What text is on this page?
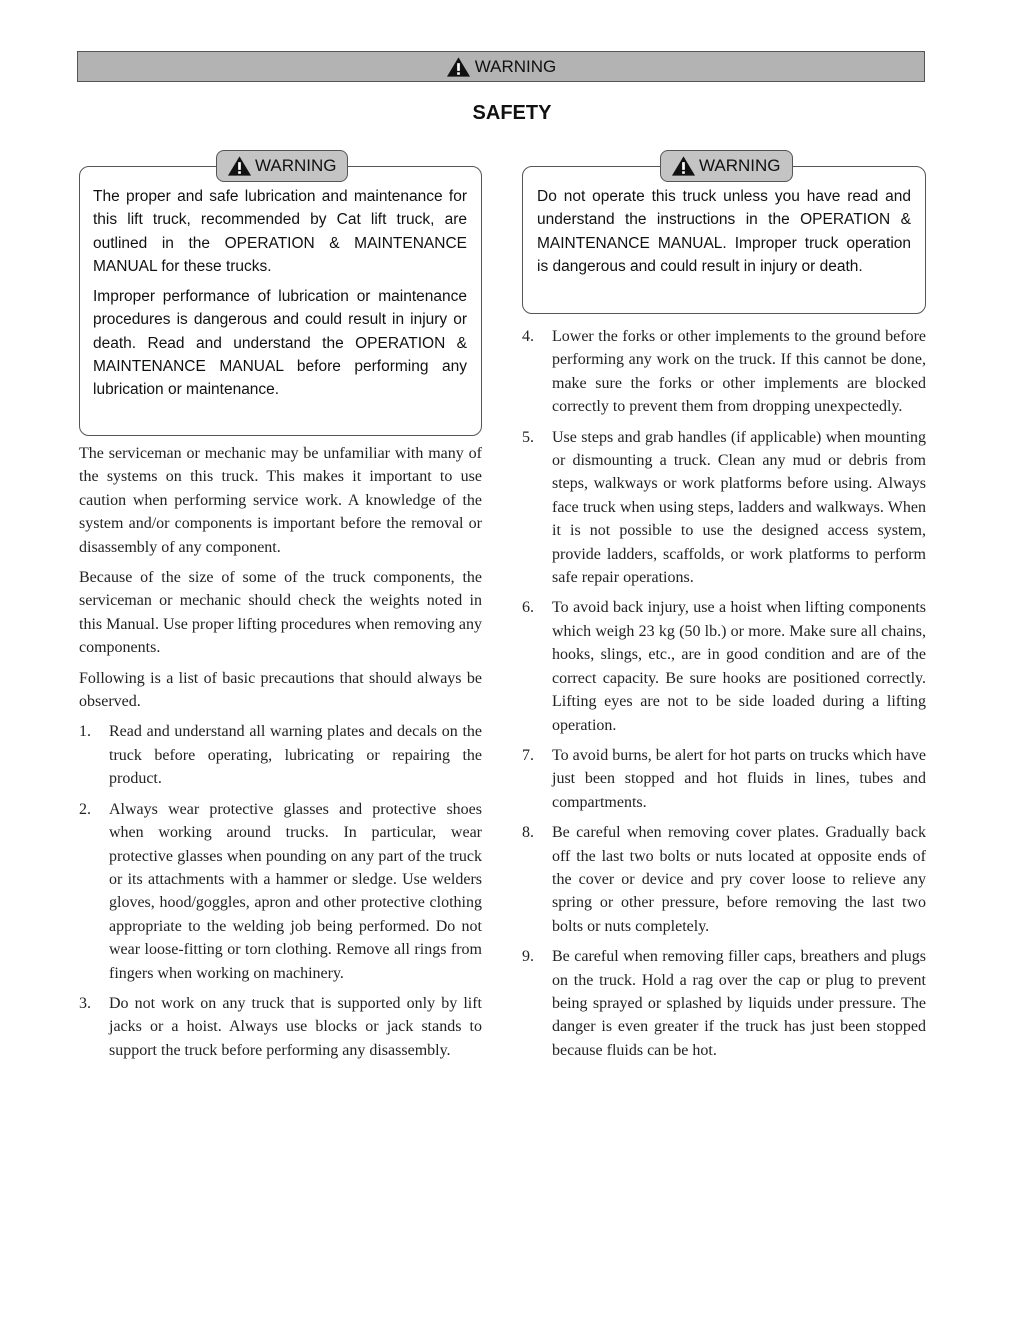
WARNING
SAFETY
WARNING

The proper and safe lubrication and maintenance for this lift truck, recommended by Cat lift truck, are outlined in the OPERATION & MAINTENANCE MANUAL for these trucks.

Improper performance of lubrication or maintenance procedures is dangerous and could result in injury or death. Read and understand the OPERATION & MAINTENANCE MANUAL before performing any lubrication or maintenance.

WARNING

Do not operate this truck unless you have read and understand the instructions in the OPERATION & MAINTENANCE MANUAL. Improper truck operation is dangerous and could result in injury or death.

The serviceman or mechanic may be unfamiliar with many of the systems on this truck. This makes it important to use caution when performing service work. A knowledge of the system and/or components is important before the removal or disassembly of any component.

Because of the size of some of the truck components, the serviceman or mechanic should check the weights noted in this Manual. Use proper lifting procedures when removing any components.

Following is a list of basic precautions that should always be observed.

1. Read and understand all warning plates and decals on the truck before operating, lubricating or repairing the product.
2. Always wear protective glasses and protective shoes when working around trucks. In particular, wear protective glasses when pounding on any part of the truck or its attachments with a hammer or sledge. Use welders gloves, hood/goggles, apron and other protective clothing appropriate to the welding job being performed. Do not wear loose-fitting or torn clothing. Remove all rings from fingers when working on machinery.
3. Do not work on any truck that is supported only by lift jacks or a hoist. Always use blocks or jack stands to support the truck before performing any disassembly.
4. Lower the forks or other implements to the ground before performing any work on the truck. If this cannot be done, make sure the forks or other implements are blocked correctly to prevent them from dropping unexpectedly.
5. Use steps and grab handles (if applicable) when mounting or dismounting a truck. Clean any mud or debris from steps, walkways or work platforms before using. Always face truck when using steps, ladders and walkways. When it is not possible to use the designed access system, provide ladders, scaffolds, or work platforms to perform safe repair operations.
6. To avoid back injury, use a hoist when lifting components which weigh 23 kg (50 lb.) or more. Make sure all chains, hooks, slings, etc., are in good condition and are of the correct capacity. Be sure hooks are positioned correctly. Lifting eyes are not to be side loaded during a lifting operation.
7. To avoid burns, be alert for hot parts on trucks which have just been stopped and hot fluids in lines, tubes and compartments.
8. Be careful when removing cover plates. Gradually back off the last two bolts or nuts located at opposite ends of the cover or device and pry cover loose to relieve any spring or other pressure, before removing the last two bolts or nuts completely.
9. Be careful when removing filler caps, breathers and plugs on the truck. Hold a rag over the cap or plug to prevent being sprayed or splashed by liquids under pressure. The danger is even greater if the truck has just been stopped because fluids can be hot.
